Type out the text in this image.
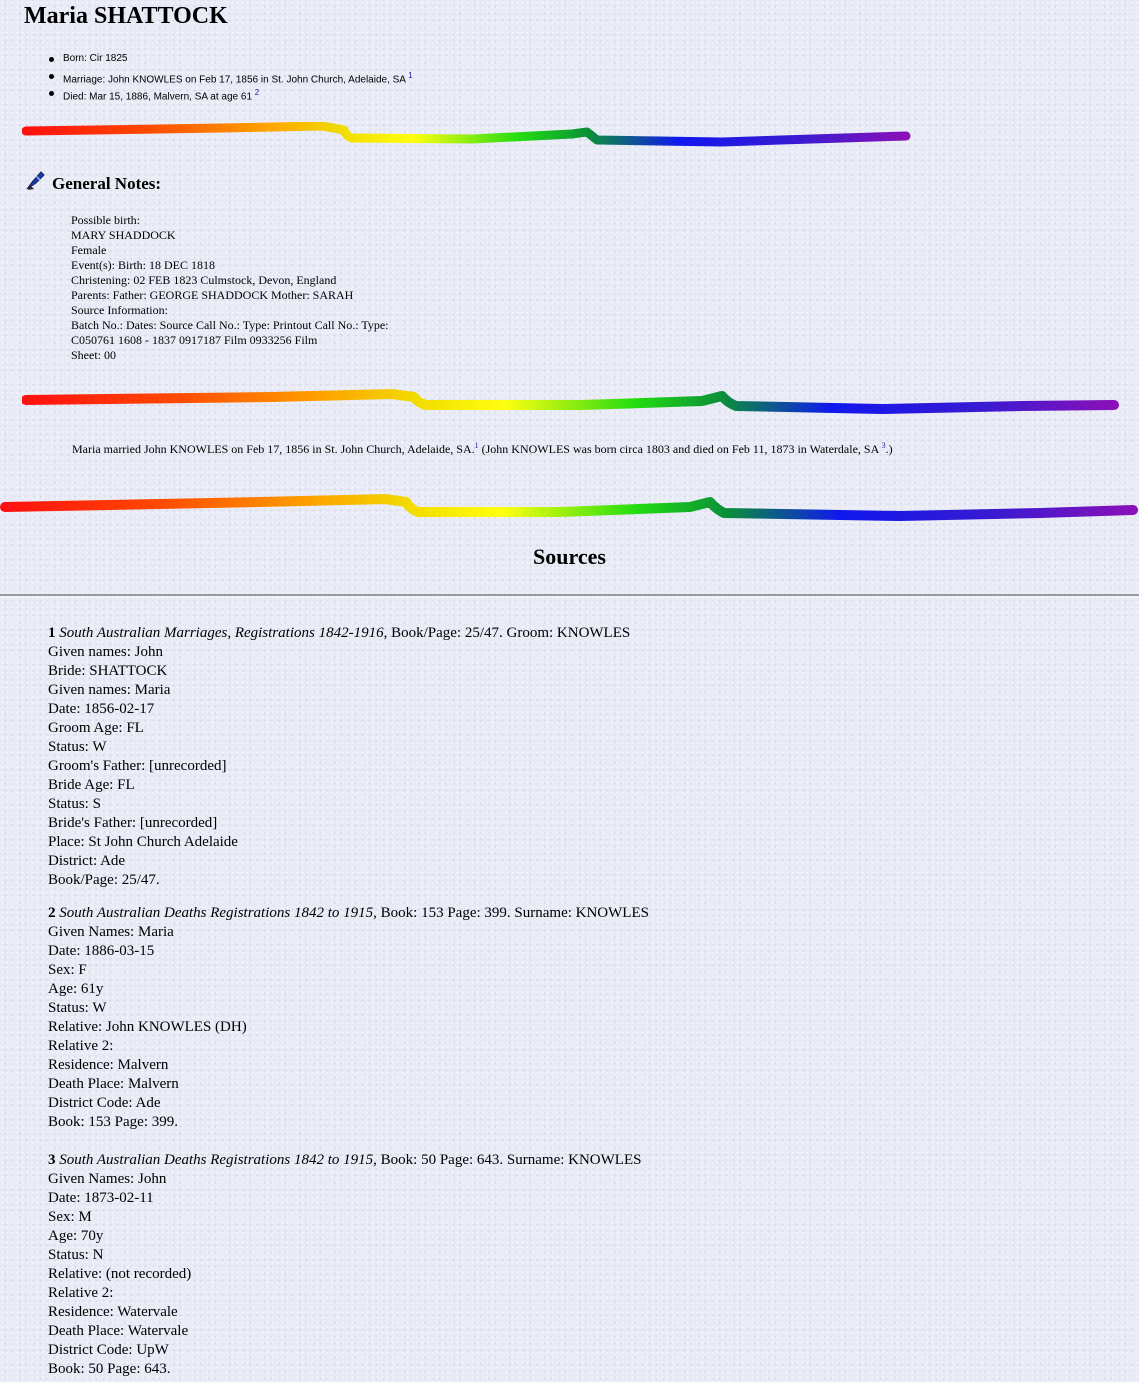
Maria SHATTOCK
Born: Cir 1825
Marriage: John KNOWLES on Feb 17, 1856 in St. John Church, Adelaide, SA $^1$
Died: Mar 15, 1886, Malvern, SA at age 61 $^2$
General Notes:
Possible birth:
MARY SHADDOCK
Female
Event(s): Birth: 18 DEC 1818
Christening: 02 FEB 1823 Culmstock, Devon, England
Parents: Father: GEORGE SHADDOCK Mother: SARAH
Source Information:
Batch No.: Dates: Source Call No.: Type: Printout Call No.: Type:
C050761 1608 - 1837 0917187 Film 0933256 Film
Sheet: 00
Maria married John KNOWLES on Feb 17, 1856 in St. John Church, Adelaide, SA.$^1$ (John KNOWLES was born circa 1803 and died on Feb 11, 1873 in Waterdale, SA $^3$.)
Sources
1 South Australian Marriages, Registrations 1842-1916, Book/Page: 25/47. Groom: KNOWLES
Given names: John
Bride: SHATTOCK
Given names: Maria
Date: 1856-02-17
Groom Age: FL
Status: W
Groom's Father: [unrecorded]
Bride Age: FL
Status: S
Bride's Father: [unrecorded]
Place: St John Church Adelaide
District: Ade
Book/Page: 25/47.
2 South Australian Deaths Registrations 1842 to 1915, Book: 153 Page: 399. Surname: KNOWLES
Given Names: Maria
Date: 1886-03-15
Sex: F
Age: 61y
Status: W
Relative: John KNOWLES (DH)
Relative 2:
Residence: Malvern
Death Place: Malvern
District Code: Ade
Book: 153 Page: 399.
3 South Australian Deaths Registrations 1842 to 1915, Book: 50 Page: 643. Surname: KNOWLES
Given Names: John
Date: 1873-02-11
Sex: M
Age: 70y
Status: N
Relative: (not recorded)
Relative 2:
Residence: Watervale
Death Place: Watervale
District Code: UpW
Book: 50 Page: 643.
